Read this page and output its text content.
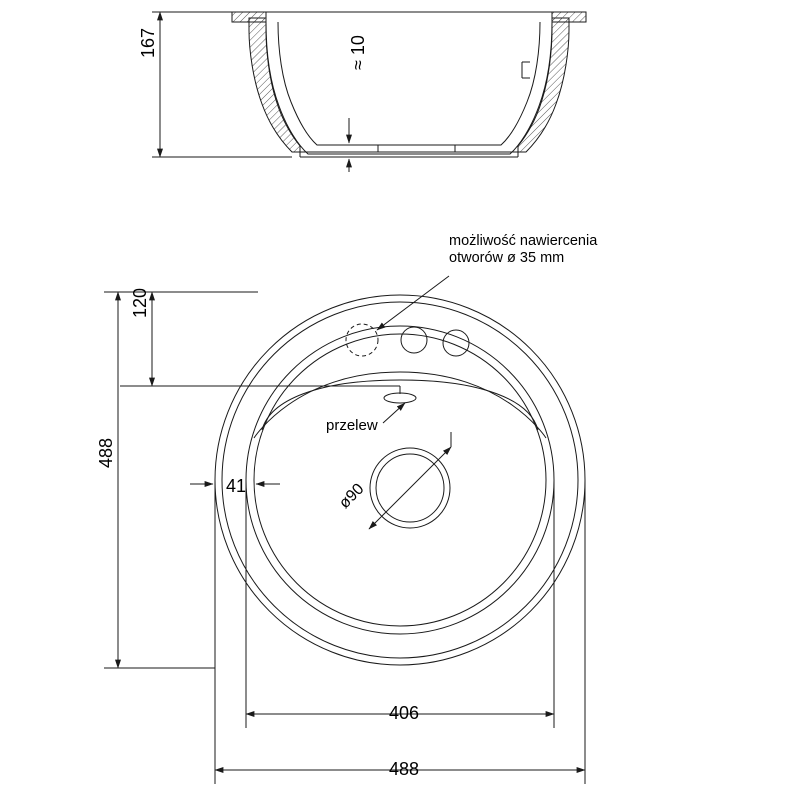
167	≈ 10
możliwość nawiercenia
otworów ø 35 mm
120
488
41
przelew
ø90
406
488
